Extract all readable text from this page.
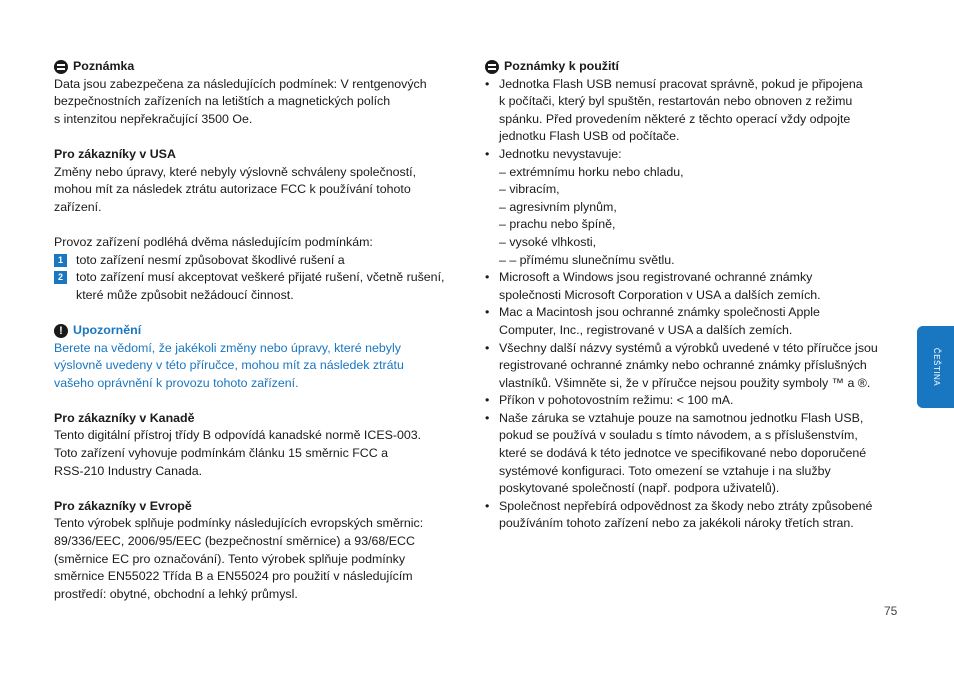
Poznámka

Data jsou zabezpečena za následujících podmínek: V rentgenových

bezpečnostních zařízeních na letištích a magnetických polích

s intenzitou nepřekračující 3500 Oe.

Pro zákazníky v USA

Změny nebo úpravy, které nebyly výslovně schváleny společností,

mohou mít za následek ztrátu autorizace FCC k používání tohoto

zařízení.

Provoz zařízení podléhá dvěma následujícím podmínkám:

1	toto zařízení nesmí způsobovat škodlivé rušení a

2	toto zařízení musí akceptovat veškeré přijaté rušení, včetně rušení,

které může způsobit nežádoucí činnost.

! Upozornění

Berete na vědomí, že jakékoli změny nebo úpravy, které nebyly

výslovně uvedeny v této příručce, mohou mít za následek ztrátu

vašeho oprávnění k provozu tohoto zařízení.

Pro zákazníky v Kanadě

Tento digitální přístroj třídy B odpovídá kanadské normě ICES-003.

Toto zařízení vyhovuje podmínkám článku 15 směrnic FCC a

RSS-210 Industry Canada.

Pro zákazníky v Evropě

Tento výrobek splňuje podmínky následujících evropských směrnic:

89/336/EEC, 2006/95/EEC (bezpečnostní směrnice) a 93/68/ECC

(směrnice EC pro označování). Tento výrobek splňuje podmínky

směrnice EN55022 Třída B a EN55024 pro použití v následujícím

prostředí: obytné, obchodní a lehký průmysl.

Poznámky k použití

• Jednotka Flash USB nemusí pracovat správně, pokud je připojena

k počítači, který byl spuštěn, restartován nebo obnoven z režimu

spánku. Před provedením některé z těchto operací vždy odpojte

jednotku Flash USB od počítače.

• Jednotku nevystavuje:

– extrémnímu horku nebo chladu,

– vibracím,

– agresivním plynům,

– prachu nebo špíně,

– vysoké vlhkosti,

– – přímému slunečnímu světlu.

• Microsoft a Windows jsou registrované ochranné známky

společnosti Microsoft Corporation v USA a dalších zemích.

• Mac a Macintosh jsou ochranné známky společnosti Apple

Computer, Inc., registrované v USA a dalších zemích.

• Všechny další názvy systémů a výrobků uvedené v této příručce jsou

registrované ochranné známky nebo ochranné známky příslušných

vlastníků. Všimněte si, že v příručce nejsou použity symboly ™ a ®.

• Příkon v pohotovostním režimu: < 100 mA.

• Naše záruka se vztahuje pouze na samotnou jednotku Flash USB,

pokud se používá v souladu s tímto návodem, a s příslušenstvím,

které se dodává k této jednotce ve specifikované nebo doporučené

systémové konfiguraci. Toto omezení se vztahuje i na služby

poskytované společností (např. podpora uživatelů).

• Společnost nepřebírá odpovědnost za škody nebo ztráty způsobené

používáním tohoto zařízení nebo za jakékoli nároky třetích stran.

ČEŠTINA
75
